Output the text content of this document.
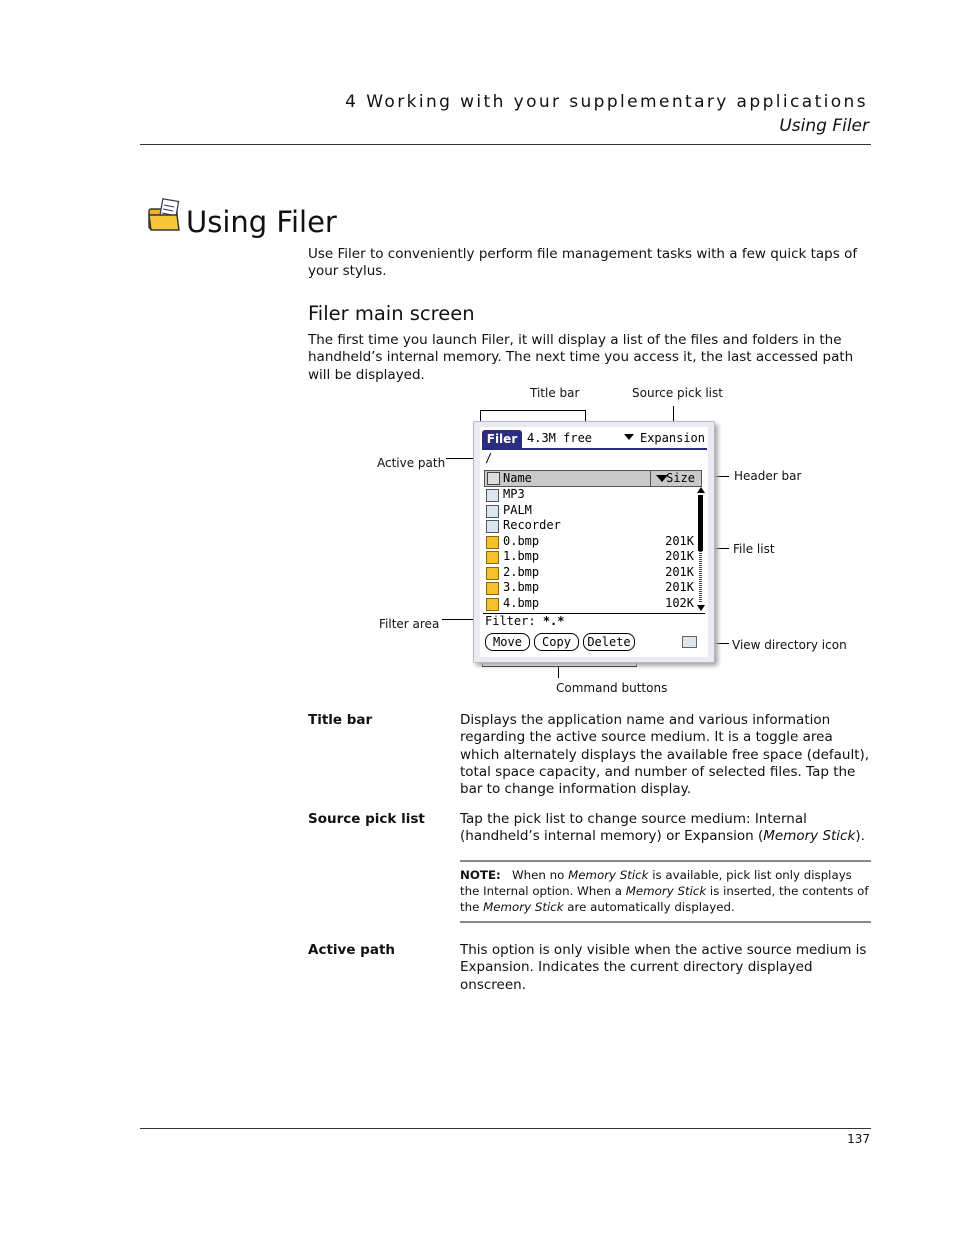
4 Working with your supplementary applications
Using Filer
Using Filer
Use Filer to conveniently perform file management tasks with a few quick taps of your stylus.
Filer main screen
The first time you launch Filer, it will display a list of the files and folders in the handheld’s internal memory. The next time you access it, the last accessed path will be displayed.
Title bar	Source pick list
Active path
Header bar
File list
Filter area
View directory icon
Command buttons
Filer 4.3M free	Expansion
/
Name	Size
MP3
PALM
Recorder
0.bmp	201K
1.bmp	201K
2.bmp	201K
3.bmp	201K
4.bmp	102K
Filter: *.*
Move	Copy	Delete
Title bar	Displays the application name and various information regarding the active source medium. It is a toggle area which alternately displays the available free space (default), total space capacity, and number of selected files. Tap the bar to change information display.
Source pick list	Tap the pick list to change source medium: Internal (handheld’s internal memory) or Expansion (Memory Stick).
NOTE: When no Memory Stick is available, pick list only displays the Internal option. When a Memory Stick is inserted, the contents of the Memory Stick are automatically displayed.
Active path	This option is only visible when the active source medium is Expansion. Indicates the current directory displayed onscreen.
137
